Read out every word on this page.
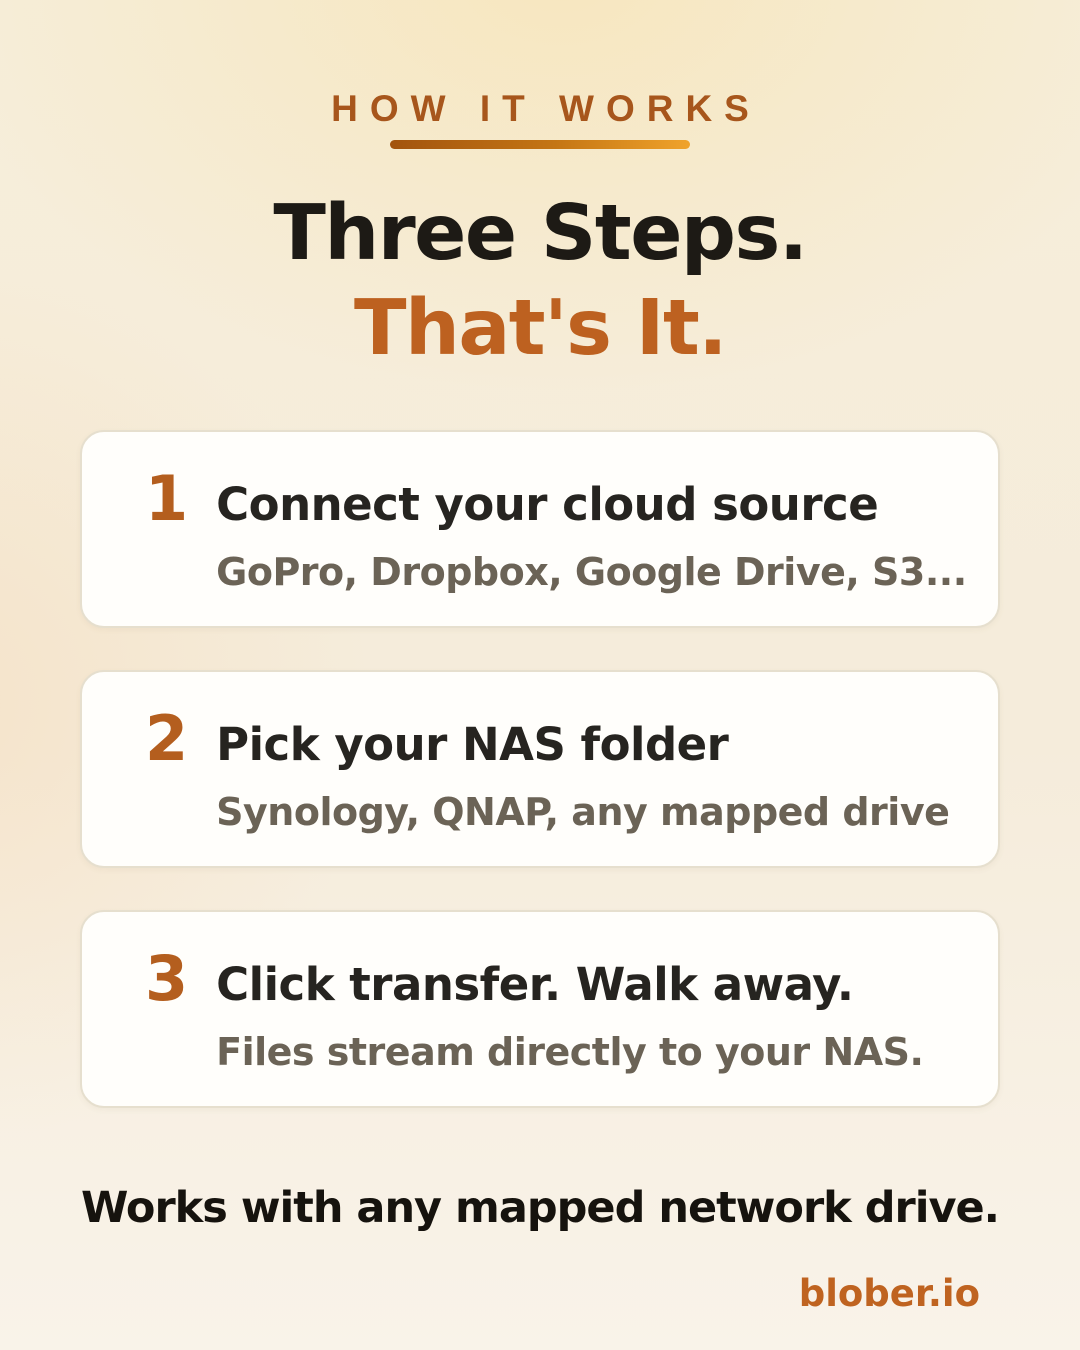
HOW IT WORKS
Three Steps.
That's It.
1 Connect your cloud source
GoPro, Dropbox, Google Drive, S3...
2 Pick your NAS folder
Synology, QNAP, any mapped drive
3 Click transfer. Walk away.
Files stream directly to your NAS.
Works with any mapped network drive.
blober.io
